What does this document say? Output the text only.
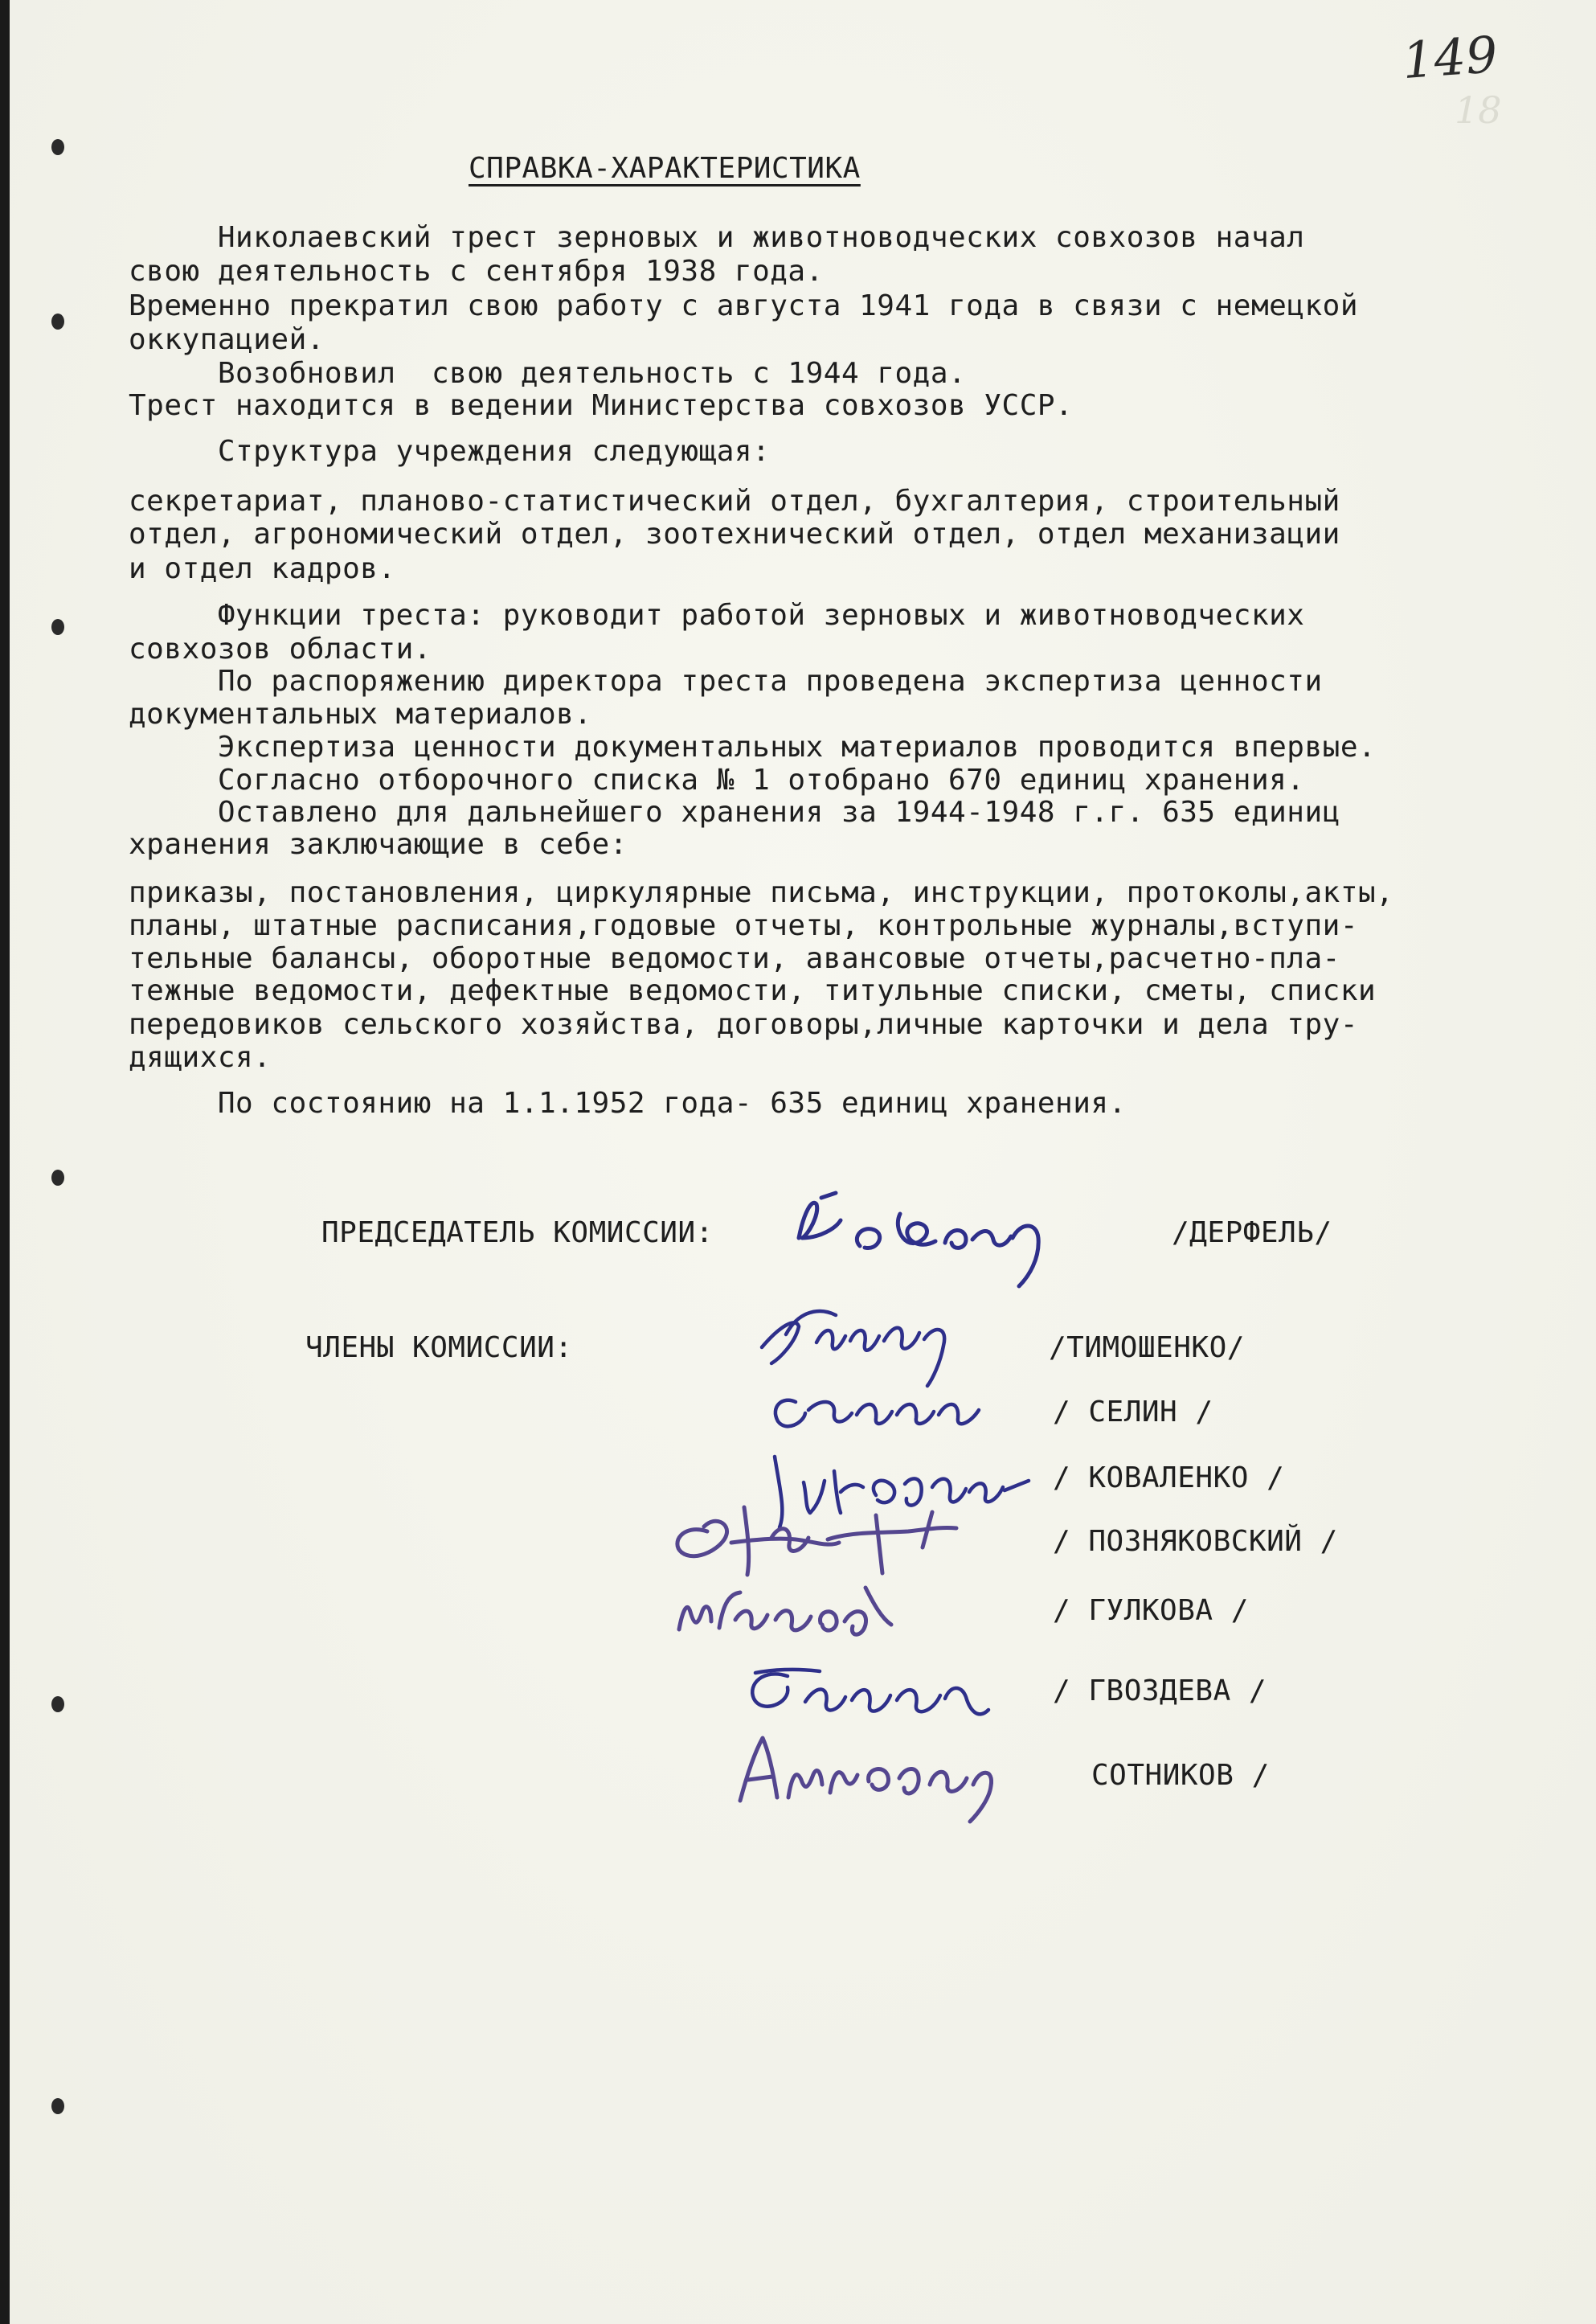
149
18
СПРАВКА-ХАРАКТЕРИСТИКА
Николаевский трест зерновых и животноводческих совхозов начал
свою деятельность с сентября 1938 года.
Временно прекратил свою работу с августа 1941 года в связи с немецкой
оккупацией.
Возобновил  свою деятельность с 1944 года.
Трест находится в ведении Министерства совхозов УССР.
Структура учреждения следующая:
секретариат, планово-статистический отдел, бухгалтерия, строительный
отдел, агрономический отдел, зоотехнический отдел, отдел механизации
и отдел кадров.
Функции треста: руководит работой зерновых и животноводческих
совхозов области.
По распоряжению директора треста проведена экспертиза ценности
документальных материалов.
Экспертиза ценности документальных материалов проводится впервые.
Согласно отборочного списка № 1 отобрано 670 единиц хранения.
Оставлено для дальнейшего хранения за 1944-1948 г.г. 635 единиц
хранения заключающие в себе:
приказы, постановления, циркулярные письма, инструкции, протоколы,акты,
планы, штатные расписания,годовые отчеты, контрольные журналы,вступи-
тельные балансы, оборотные ведомости, авансовые отчеты,расчетно-пла-
тежные ведомости, дефектные ведомости, титульные списки, сметы, списки
передовиков сельского хозяйства, договоры,личные карточки и дела тру-
дящихся.
По состоянию на 1.1.1952 года- 635 единиц хранения.
ПРЕДСЕДАТЕЛЬ КОМИССИИ:	/ДЕРФЕЛЬ/
ЧЛЕНЫ КОМИССИИ:	/ТИМОШЕНКО/
/ СЕЛИН /
/ КОВАЛЕНКО /
/ ПОЗНЯКОВСКИЙ /
/ ГУЛКОВА /
/ ГВОЗДЕВА /
СОТНИКОВ /
